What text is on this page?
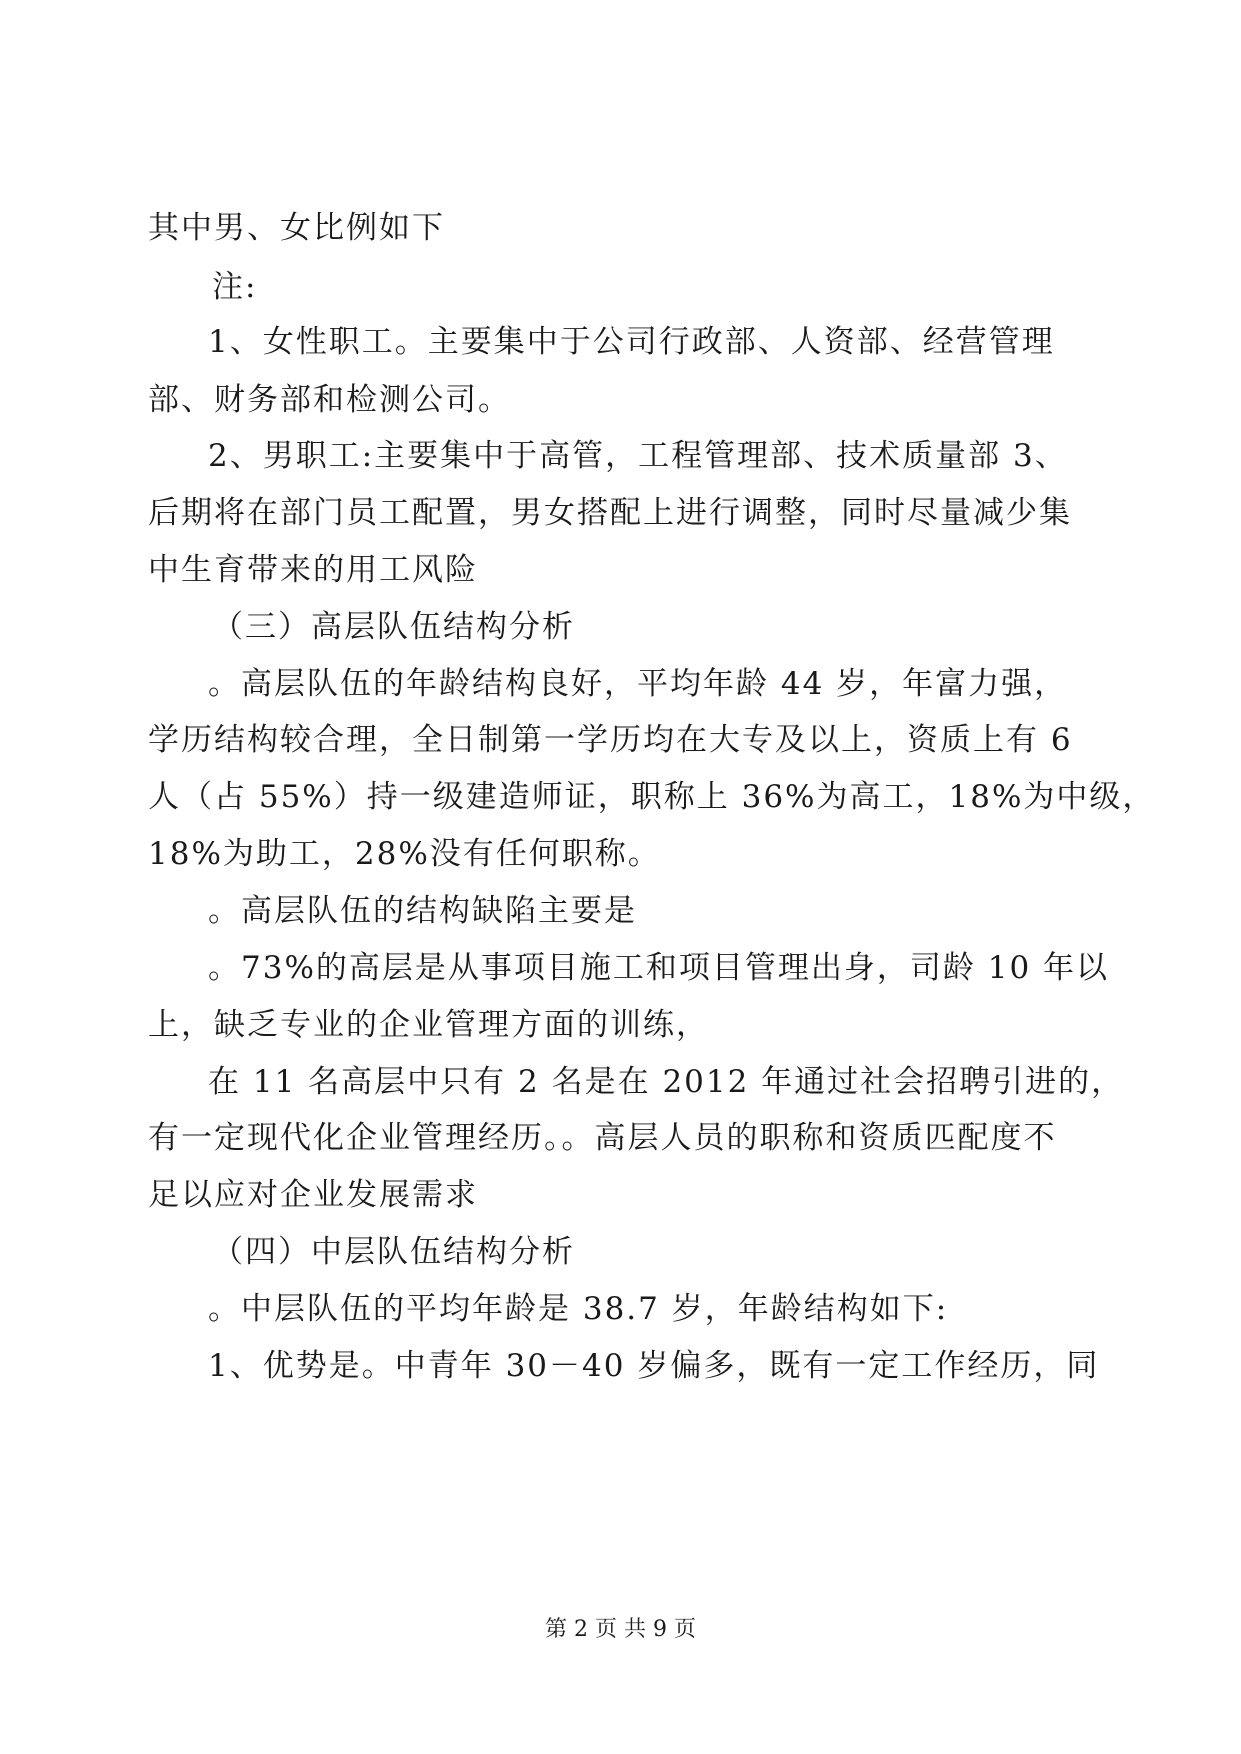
其中男、女比例如下
注:
1、女性职工。主要集中于公司行政部、人资部、经营管理
部、财务部和检测公司。
2、男职工:主要集中于高管，工程管理部、技术质量部 3、
后期将在部门员工配置，男女搭配上进行调整，同时尽量减少集
中生育带来的用工风险
（三）高层队伍结构分析
。高层队伍的年龄结构良好，平均年龄 44 岁，年富力强，
学历结构较合理，全日制第一学历均在大专及以上，资质上有 6
人（占 55%）持一级建造师证，职称上 36%为高工，18%为中级，
18%为助工，28%没有任何职称。
。高层队伍的结构缺陷主要是
。73%的高层是从事项目施工和项目管理出身，司龄 10 年以
上，缺乏专业的企业管理方面的训练，
在 11 名高层中只有 2 名是在 2012 年通过社会招聘引进的，
有一定现代化企业管理经历。。高层人员的职称和资质匹配度不
足以应对企业发展需求
（四）中层队伍结构分析
。中层队伍的平均年龄是 38.7 岁，年龄结构如下:
1、优势是。中青年 30－40 岁偏多，既有一定工作经历，同
第 2 页 共 9 页
